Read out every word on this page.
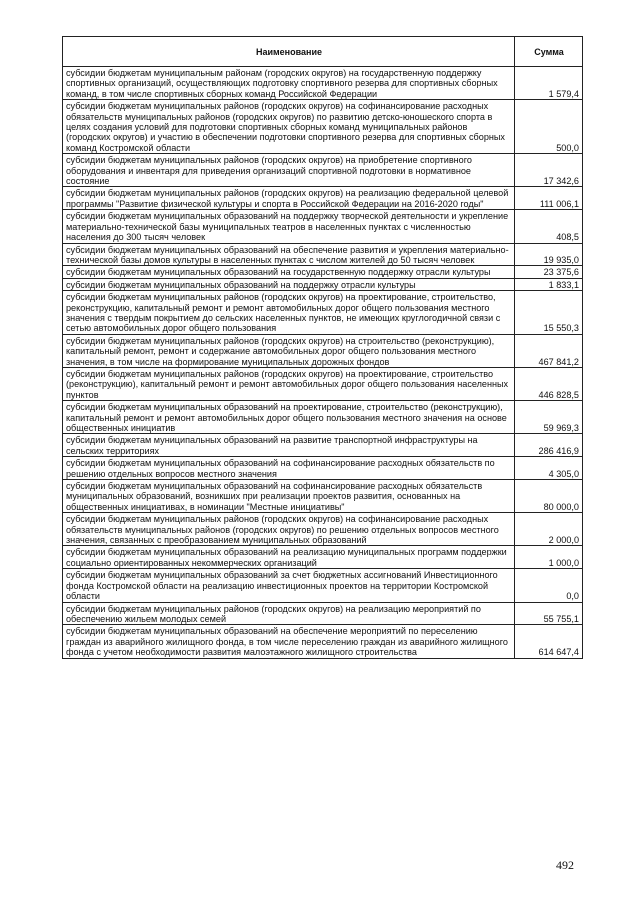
Наименование	Сумма
субсидии бюджетам муниципальным районам (городских округов) на государственную поддержку спортивных организаций, осуществляющих подготовку спортивного резерва для спортивных сборных команд, в том числе спортивных сборных команд Российской Федерации	1 579,4
субсидии бюджетам муниципальных районов (городских округов) на софинансирование расходных обязательств муниципальных районов (городских округов) по развитию детско-юношеского спорта в целях создания условий для подготовки спортивных сборных команд муниципальных районов (городских округов) и участию в обеспечении подготовки спортивного резерва для спортивных сборных команд Костромской области	500,0
субсидии бюджетам муниципальных районов (городских округов) на приобретение спортивного оборудования и инвентаря для приведения организаций спортивной подготовки в нормативное состояние	17 342,6
субсидии бюджетам муниципальных районов (городских округов) на реализацию федеральной целевой программы "Развитие физической культуры и спорта в Российской Федерации на 2016-2020 годы"	111 006,1
субсидии бюджетам муниципальных образований на поддержку творческой деятельности и укрепление материально-технической базы муниципальных театров в населенных пунктах с численностью населения до 300 тысяч человек	408,5
субсидии бюджетам муниципальных образований на обеспечение развития и укрепления материально-технической базы домов культуры в населенных пунктах с числом жителей до 50 тысяч человек	19 935,0
субсидии бюджетам муниципальных образований на государственную поддержку отрасли культуры	23 375,6
субсидии бюджетам муниципальных образований на поддержку отрасли культуры	1 833,1
субсидии бюджетам муниципальных районов (городских округов) на проектирование, строительство, реконструкцию, капитальный ремонт и ремонт автомобильных дорог общего пользования местного значения с твердым покрытием до сельских населенных пунктов, не имеющих круглогодичной связи с сетью автомобильных дорог общего пользования	15 550,3
субсидии бюджетам муниципальных районов (городских округов) на строительство (реконструкцию), капитальный ремонт, ремонт и содержание автомобильных дорог общего пользования местного значения, в том числе на формирование муниципальных дорожных фондов	467 841,2
субсидии бюджетам муниципальных районов (городских округов) на проектирование, строительство (реконструкцию), капитальный ремонт и ремонт автомобильных дорог общего пользования населенных пунктов	446 828,5
субсидии бюджетам муниципальных образований на проектирование, строительство (реконструкцию), капитальный ремонт и ремонт автомобильных дорог общего пользования местного значения на основе общественных инициатив	59 969,3
субсидии бюджетам муниципальных образований на развитие транспортной инфраструктуры на сельских территориях	286 416,9
субсидии бюджетам муниципальных образований на софинансирование расходных обязательств по решению отдельных вопросов местного значения	4 305,0
субсидии бюджетам муниципальных образований на софинансирование расходных обязательств муниципальных образований, возникших при реализации проектов развития, основанных на общественных инициативах, в номинации "Местные инициативы"	80 000,0
субсидии бюджетам муниципальных районов (городских округов) на софинансирование расходных обязательств муниципальных районов (городских округов) по решению отдельных вопросов местного значения, связанных с преобразованием муниципальных образований	2 000,0
субсидии бюджетам муниципальных образований на реализацию муниципальных программ поддержки социально ориентированных некоммерческих организаций	1 000,0
субсидии бюджетам муниципальных образований за счет бюджетных ассигнований Инвестиционного фонда Костромской области на реализацию инвестиционных проектов на территории Костромской области	0,0
субсидии бюджетам муниципальных районов (городских округов) на реализацию мероприятий по обеспечению жильем молодых семей	55 755,1
субсидии бюджетам муниципальных образований на обеспечение мероприятий по переселению граждан из аварийного жилищного фонда, в том числе переселению граждан из аварийного жилищного фонда с учетом необходимости развития малоэтажного жилищного строительства	614 647,4
492
